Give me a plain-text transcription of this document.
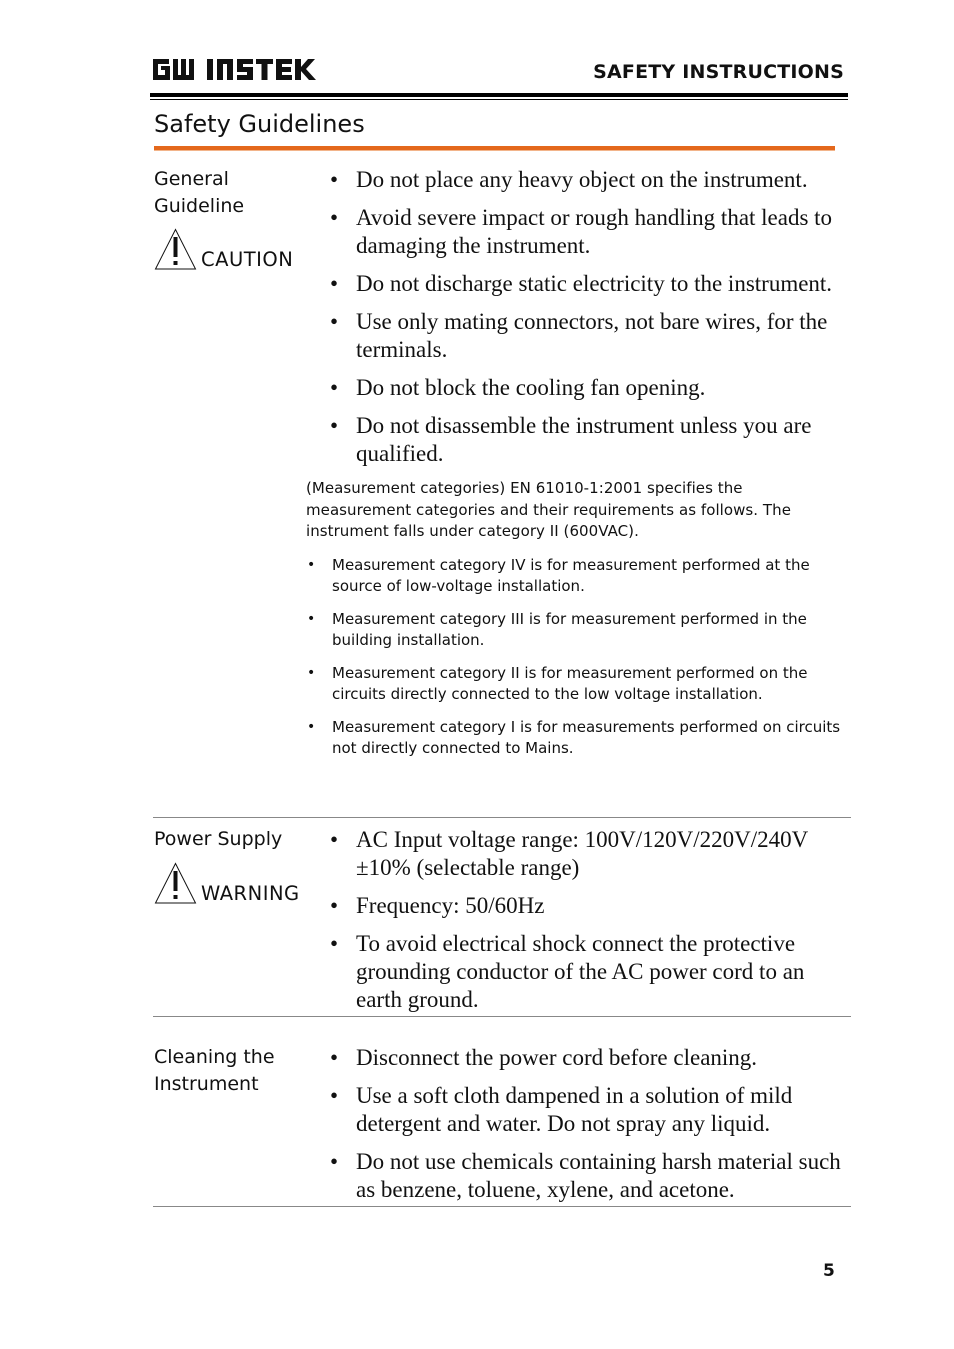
SAFETY INSTRUCTIONS
Safety Guidelines
General
Guideline
CAUTION
• Do not place any heavy object on the instrument.
• Avoid severe impact or rough handling that leads to damaging the instrument.
• Do not discharge static electricity to the instrument.
• Use only mating connectors, not bare wires, for the terminals.
• Do not block the cooling fan opening.
• Do not disassemble the instrument unless you are qualified.

(Measurement categories) EN 61010-1:2001 specifies the measurement categories and their requirements as follows. The instrument falls under category II (600VAC).

• Measurement category IV is for measurement performed at the source of low-voltage installation.
• Measurement category III is for measurement performed in the building installation.
• Measurement category II is for measurement performed on the circuits directly connected to the low voltage installation.
• Measurement category I is for measurements performed on circuits not directly connected to Mains.
Power Supply
WARNING
• AC Input voltage range: 100V/120V/220V/240V ±10% (selectable range)
• Frequency: 50/60Hz
• To avoid electrical shock connect the protective grounding conductor of the AC power cord to an earth ground.
Cleaning the
Instrument
• Disconnect the power cord before cleaning.
• Use a soft cloth dampened in a solution of mild detergent and water. Do not spray any liquid.
• Do not use chemicals containing harsh material such as benzene, toluene, xylene, and acetone.
5
